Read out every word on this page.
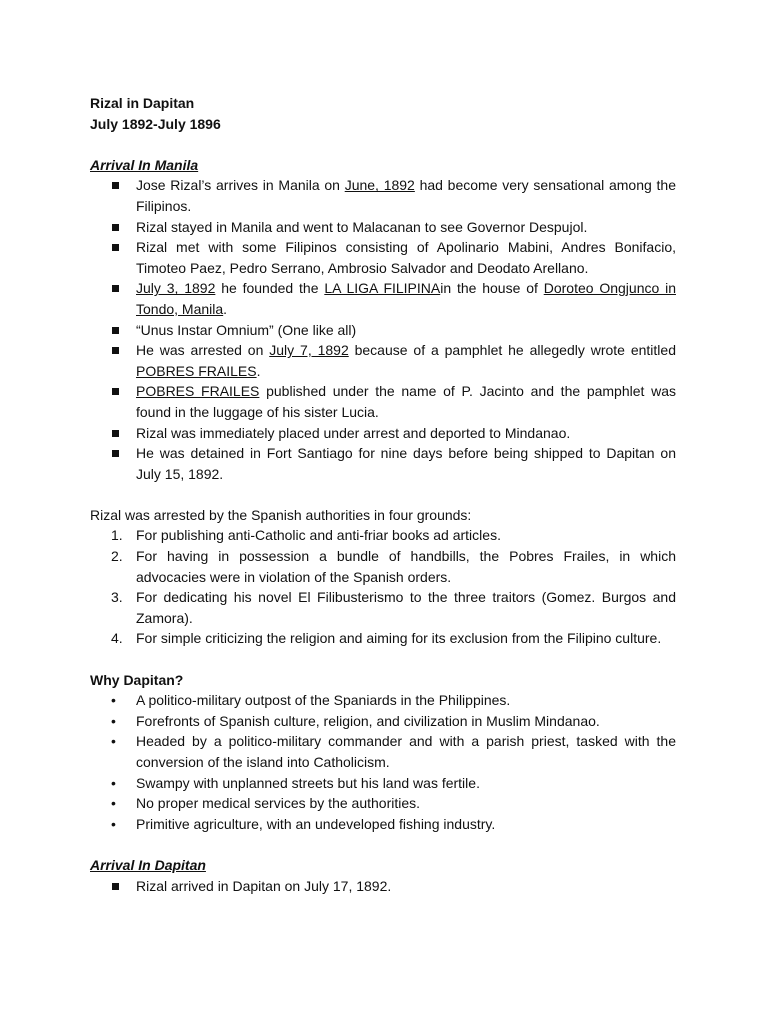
Rizal in Dapitan
July 1892-July 1896
Arrival In Manila
Jose Rizal’s arrives in Manila on June, 1892 had become very sensational among the Filipinos.
Rizal stayed in Manila and went to Malacanan to see Governor Despujol.
Rizal met with some Filipinos consisting of Apolinario Mabini, Andres Bonifacio, Timoteo Paez, Pedro Serrano, Ambrosio Salvador and Deodato Arellano.
July 3, 1892 he founded the LA LIGA FILIPINAin the house of Doroteo Ongjunco in Tondo, Manila.
“Unus Instar Omnium” (One like all)
He was arrested on July 7, 1892 because of a pamphlet he allegedly wrote entitled POBRES FRAILES.
POBRES FRAILES published under the name of P. Jacinto and the pamphlet was found in the luggage of his sister Lucia.
Rizal was immediately placed under arrest and deported to Mindanao.
He was detained in Fort Santiago for nine days before being shipped to Dapitan on July 15, 1892.
Rizal was arrested by the Spanish authorities in four grounds:
1. For publishing anti-Catholic and anti-friar books ad articles.
2. For having in possession a bundle of handbills, the Pobres Frailes, in which advocacies were in violation of the Spanish orders.
3. For dedicating his novel El Filibusterismo to the three traitors (Gomez. Burgos and Zamora).
4. For simple criticizing the religion and aiming for its exclusion from the Filipino culture.
Why Dapitan?
• A politico-military outpost of the Spaniards in the Philippines.
• Forefronts of Spanish culture, religion, and civilization in Muslim Mindanao.
• Headed by a politico-military commander and with a parish priest, tasked with the conversion of the island into Catholicism.
• Swampy with unplanned streets but his land was fertile.
• No proper medical services by the authorities.
• Primitive agriculture, with an undeveloped fishing industry.
Arrival In Dapitan
Rizal arrived in Dapitan on July 17, 1892.
